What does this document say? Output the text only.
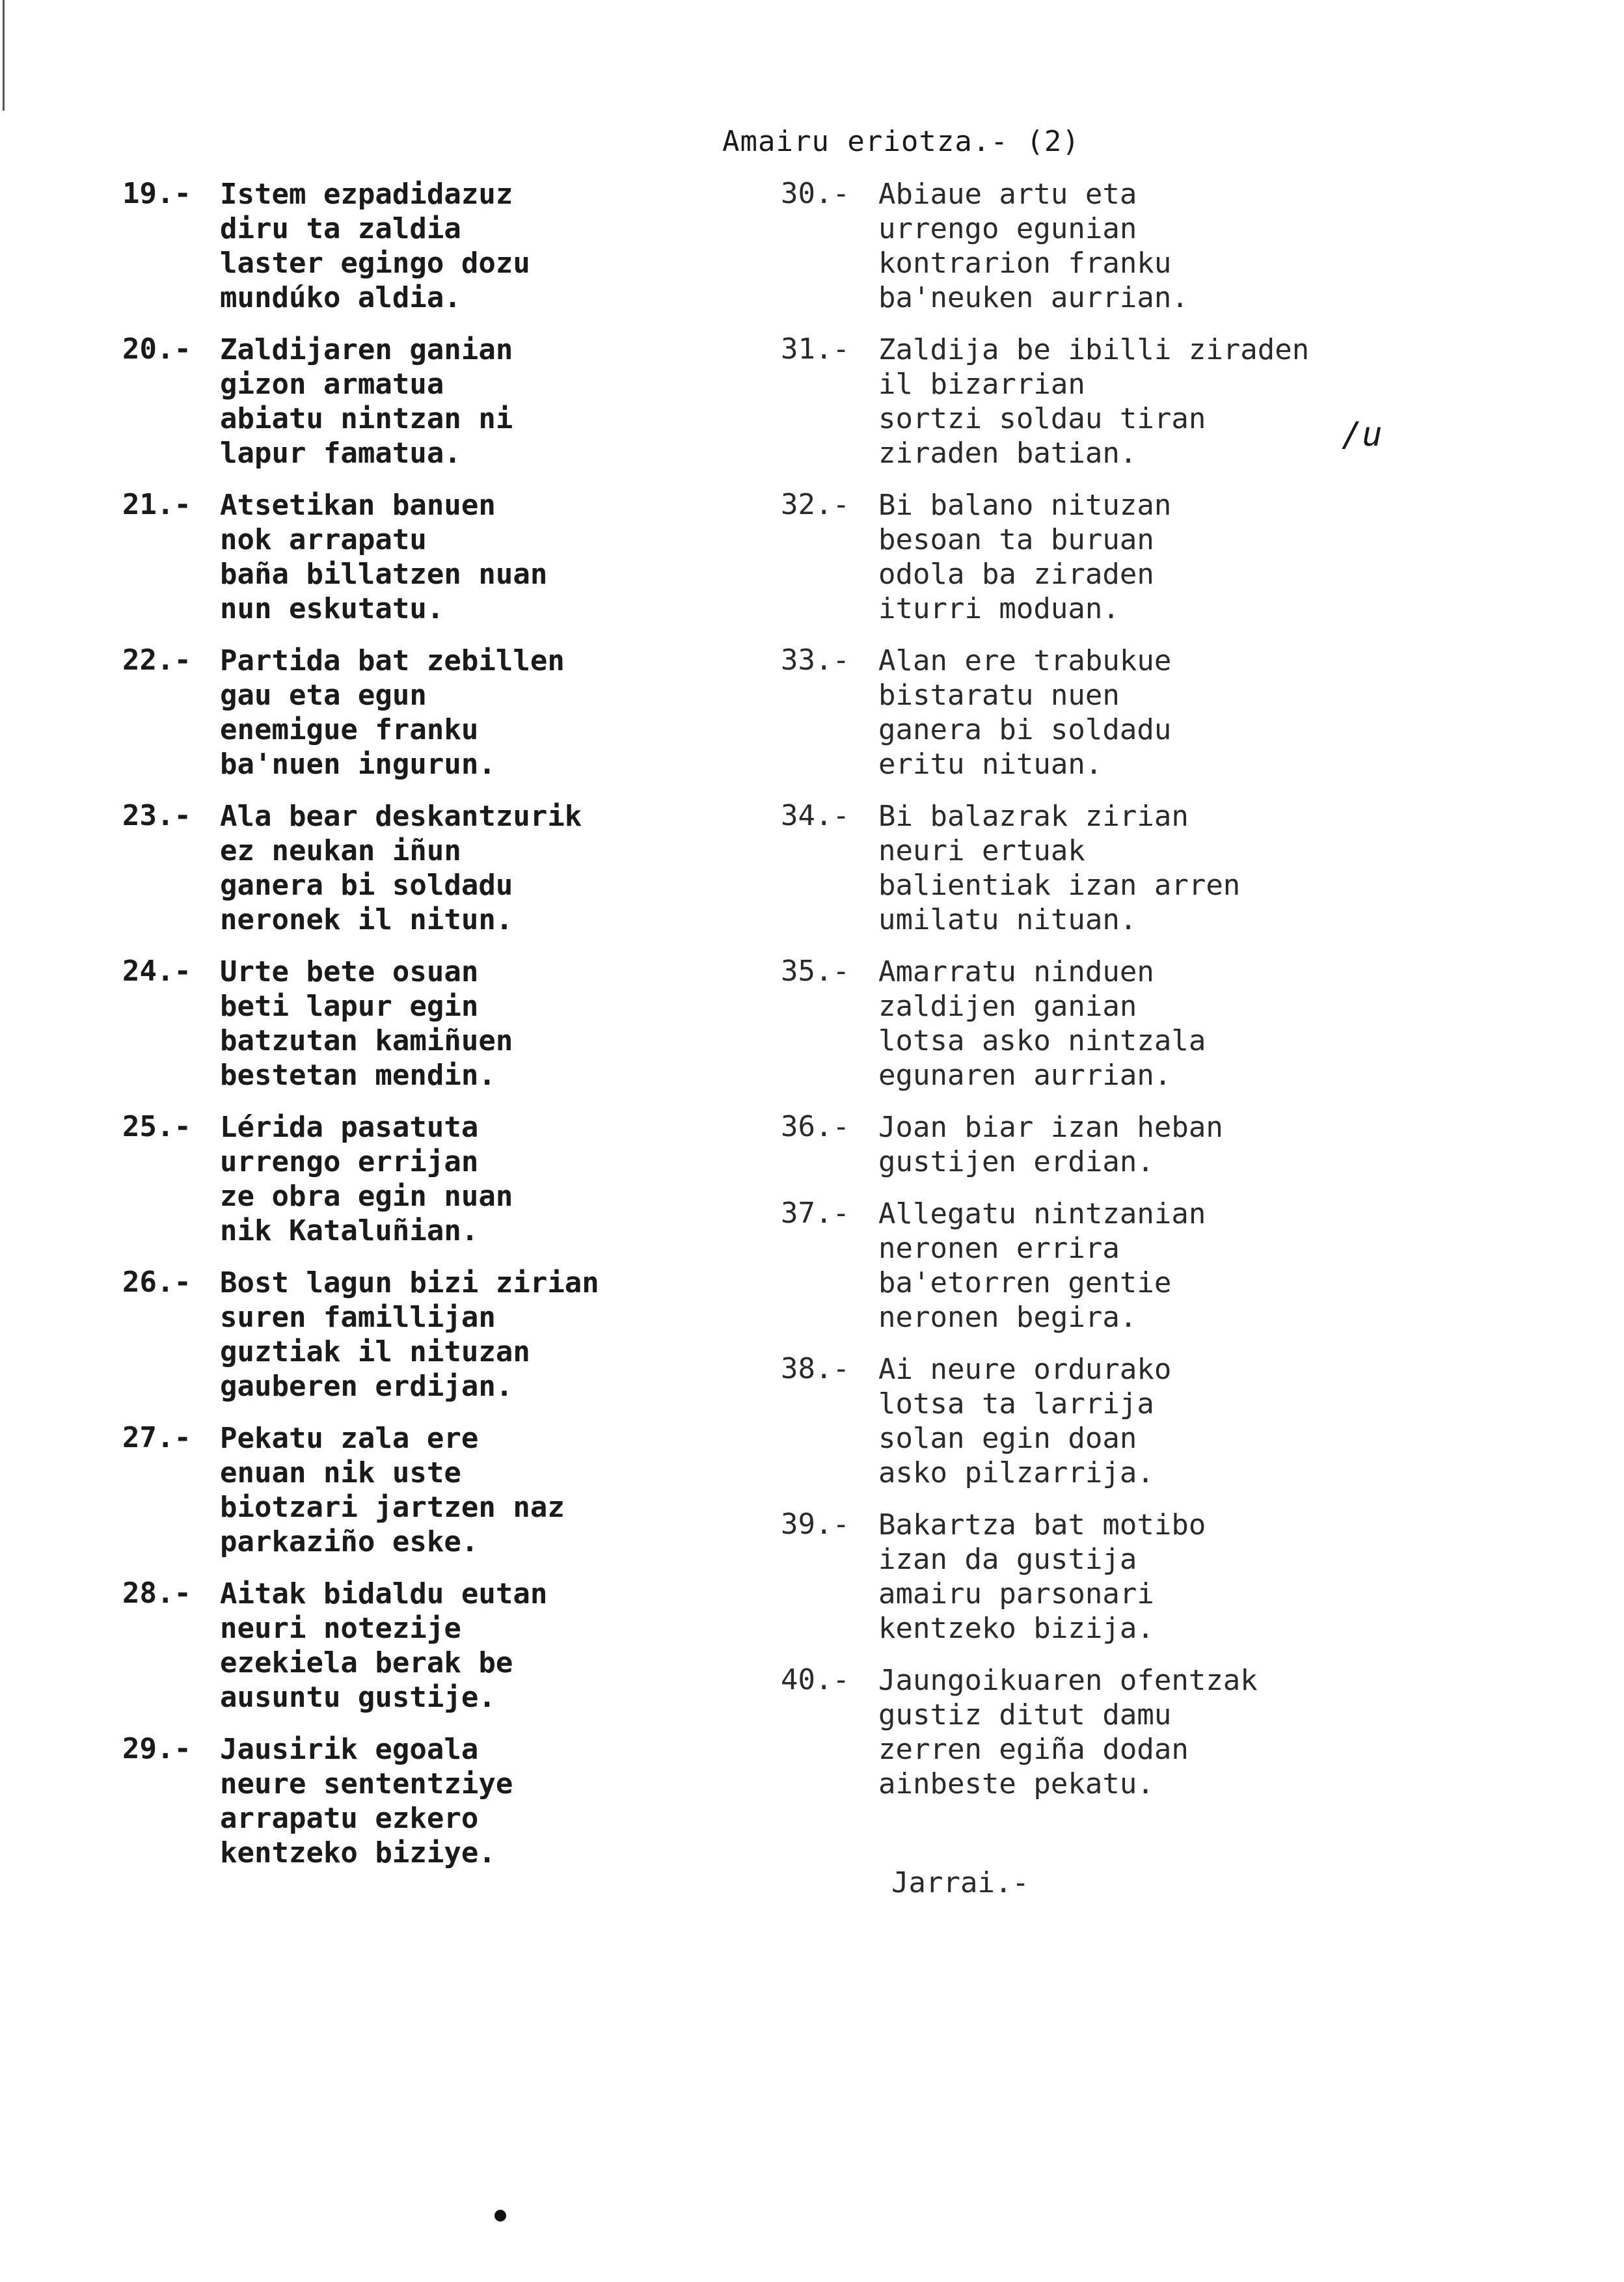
Amairu eriotza.- (2)
19.- Istem ezpadidazuz
diru ta zaldia
laster egingo dozu
mundúko aldia.
20.- Zaldijaren ganian
gizon armatua
abiatu nintzan ni
lapur famatua.
21.- Atsetikan banuen
nok arrapatu
baña billatzen nuan
nun eskutatu.
22.- Partida bat zebillen
gau eta egun
enemigue franku
ba'nuen ingurun.
23.- Ala bear deskantzurik
ez neukan iñun
ganera bi soldadu
neronek il nitun.
24.- Urte bete osuan
beti lapur egin
batzutan kamiñuen
bestetan mendin.
25.- Lérida pasatuta
urrengo errijan
ze obra egin nuan
nik Kataluñian.
26.- Bost lagun bizi zirian
suren famillijan
guztiak il nituzan
gauberen erdijan.
27.- Pekatu zala ere
enuan nik uste
biotzari jartzen naz
parkaziño eske.
28.- Aitak bidaldu eutan
neuri notezije
ezekiela berak be
ausuntu gustije.
29.- Jausirik egoala
neure sententziye
arrapatu ezkero
kentzeko biziye.
30.- Abiaue artu eta
urrengo egunian
kontrarion franku
ba'neuken aurrian.
31.- Zaldija be ibilli ziraden
il bizarrian
sortzi soldau tiran
ziraden batian.
32.- Bi balano nituzan
besoan ta buruan
odola ba ziraden
iturri moduan.
33.- Alan ere trabukue
bistaratu nuen
ganera bi soldadu
eritu nituan.
34.- Bi balazrak zirian
neuri ertuak
balientiak izan arren
umilatu nituan.
35.- Amarratu ninduen
zaldijen ganian
lotsa asko nintzala
egunaren aurrian.
36.- Joan biar izan heban
gustijen erdian.
37.- Allegatu nintzanian
neronen errira
ba'etorren gentie
neronen begira.
38.- Ai neure ordurako
lotsa ta larrija
solan egin doan
asko pilzarrija.
39.- Bakartza bat motibo
izan da gustija
amairu parsonari
kentzeko bizija.
40.- Jaungoikuaren ofentzak
gustiz ditut damu
zerren egiña dodan
ainbeste pekatu.
/u
Jarrai.-
